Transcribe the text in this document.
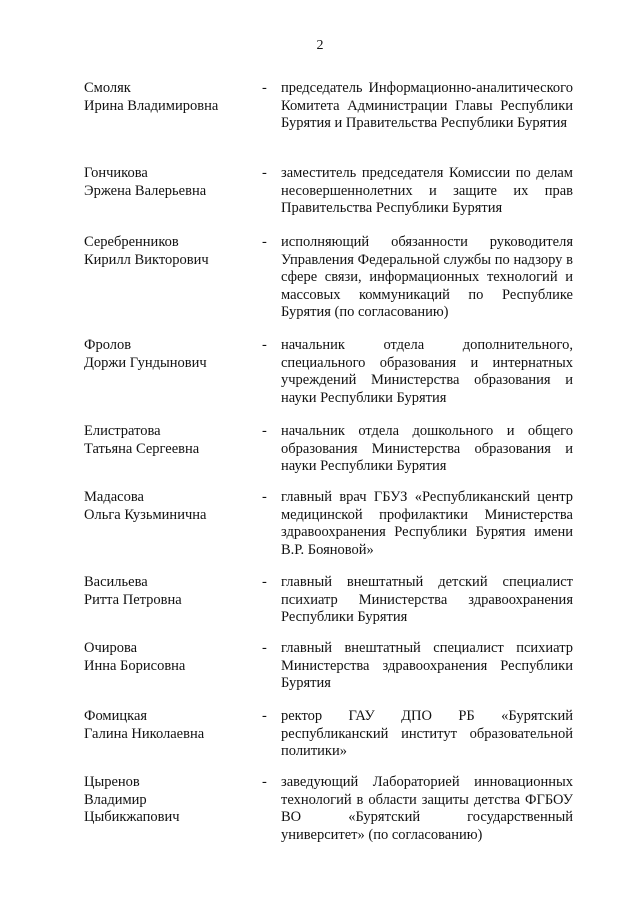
2
Смоляк
Ирина Владимировна
- председатель Информационно-аналитического Комитета Администрации Главы Республики Бурятия и Правительства Республики Бурятия
Гончикова
Эржена Валерьевна
- заместитель председателя Комиссии по делам несовершеннолетних и защите их прав Правительства Республики Бурятия
Серебренников
Кирилл Викторович
- исполняющий обязанности руководителя Управления Федеральной службы по надзору в сфере связи, информационных технологий и массовых коммуникаций по Республике Бурятия (по согласованию)
Фролов
Доржи Гундынович
- начальник отдела дополнительного, специального образования и интернатных учреждений Министерства образования и науки Республики Бурятия
Елистратова
Татьяна Сергеевна
- начальник отдела дошкольного и общего образования Министерства образования и науки Республики Бурятия
Мадасова
Ольга Кузьминична
- главный врач ГБУЗ «Республиканский центр медицинской профилактики Министерства здравоохранения Республики Бурятия имени В.Р. Бояновой»
Васильева
Ритта Петровна
- главный внештатный детский специалист психиатр Министерства здравоохранения Республики Бурятия
Очирова
Инна Борисовна
- главный внештатный специалист психиатр Министерства здравоохранения Республики Бурятия
Фомицкая
Галина Николаевна
- ректор ГАУ ДПО РБ «Бурятский республиканский институт образовательной политики»
Цыренов
Владимир
Цыбикжапович
- заведующий Лабораторией инновационных технологий в области защиты детства ФГБОУ ВО «Бурятский государственный университет» (по согласованию)
